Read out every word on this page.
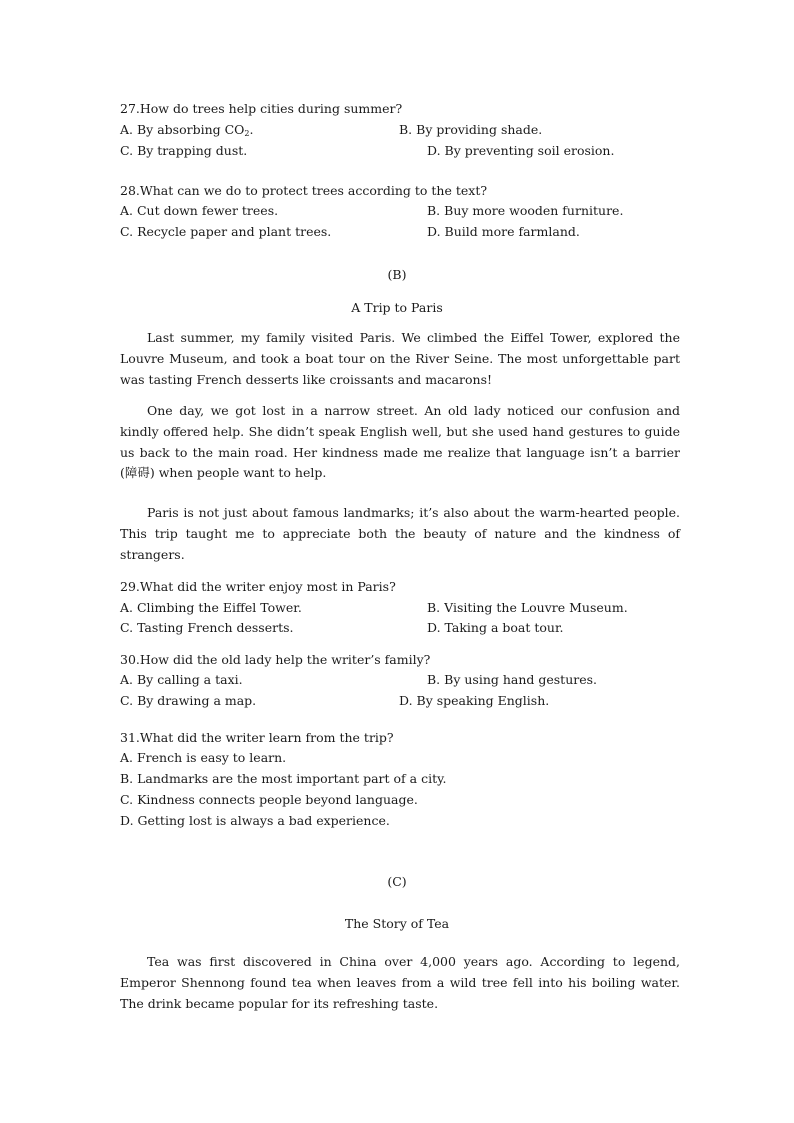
27.How do trees help cities during summer?
A. By absorbing $CO_2$.	B. By providing shade.
C. By trapping dust.	D. By preventing soil erosion.
28.What can we do to protect trees according to the text?
A. Cut down fewer trees.	B. Buy more wooden furniture.
C. Recycle paper and plant trees.	D. Build more farmland.
(B)
A Trip to Paris
Last summer, my family visited Paris. We climbed the Eiffel Tower, explored the Louvre Museum, and took a boat tour on the River Seine. The most unforgettable part was tasting French desserts like croissants and macarons!
One day, we got lost in a narrow street. An old lady noticed our confusion and kindly offered help. She didn’t speak English well, but she used hand gestures to guide us back to the main road. Her kindness made me realize that language isn’t a barrier (障碍) when people want to help.
Paris is not just about famous landmarks; it’s also about the warm-hearted people. This trip taught me to appreciate both the beauty of nature and the kindness of strangers.
29.What did the writer enjoy most in Paris?
A. Climbing the Eiffel Tower.	B. Visiting the Louvre Museum.
C. Tasting French desserts.	D. Taking a boat tour.
30.How did the old lady help the writer’s family?
A. By calling a taxi.	B. By using hand gestures.
C. By drawing a map.	D. By speaking English.
31.What did the writer learn from the trip?
A. French is easy to learn.
B. Landmarks are the most important part of a city.
C. Kindness connects people beyond language.
D. Getting lost is always a bad experience.
(C)
The Story of Tea
Tea was first discovered in China over 4,000 years ago. According to legend, Emperor Shennong found tea when leaves from a wild tree fell into his boiling water. The drink became popular for its refreshing taste.
